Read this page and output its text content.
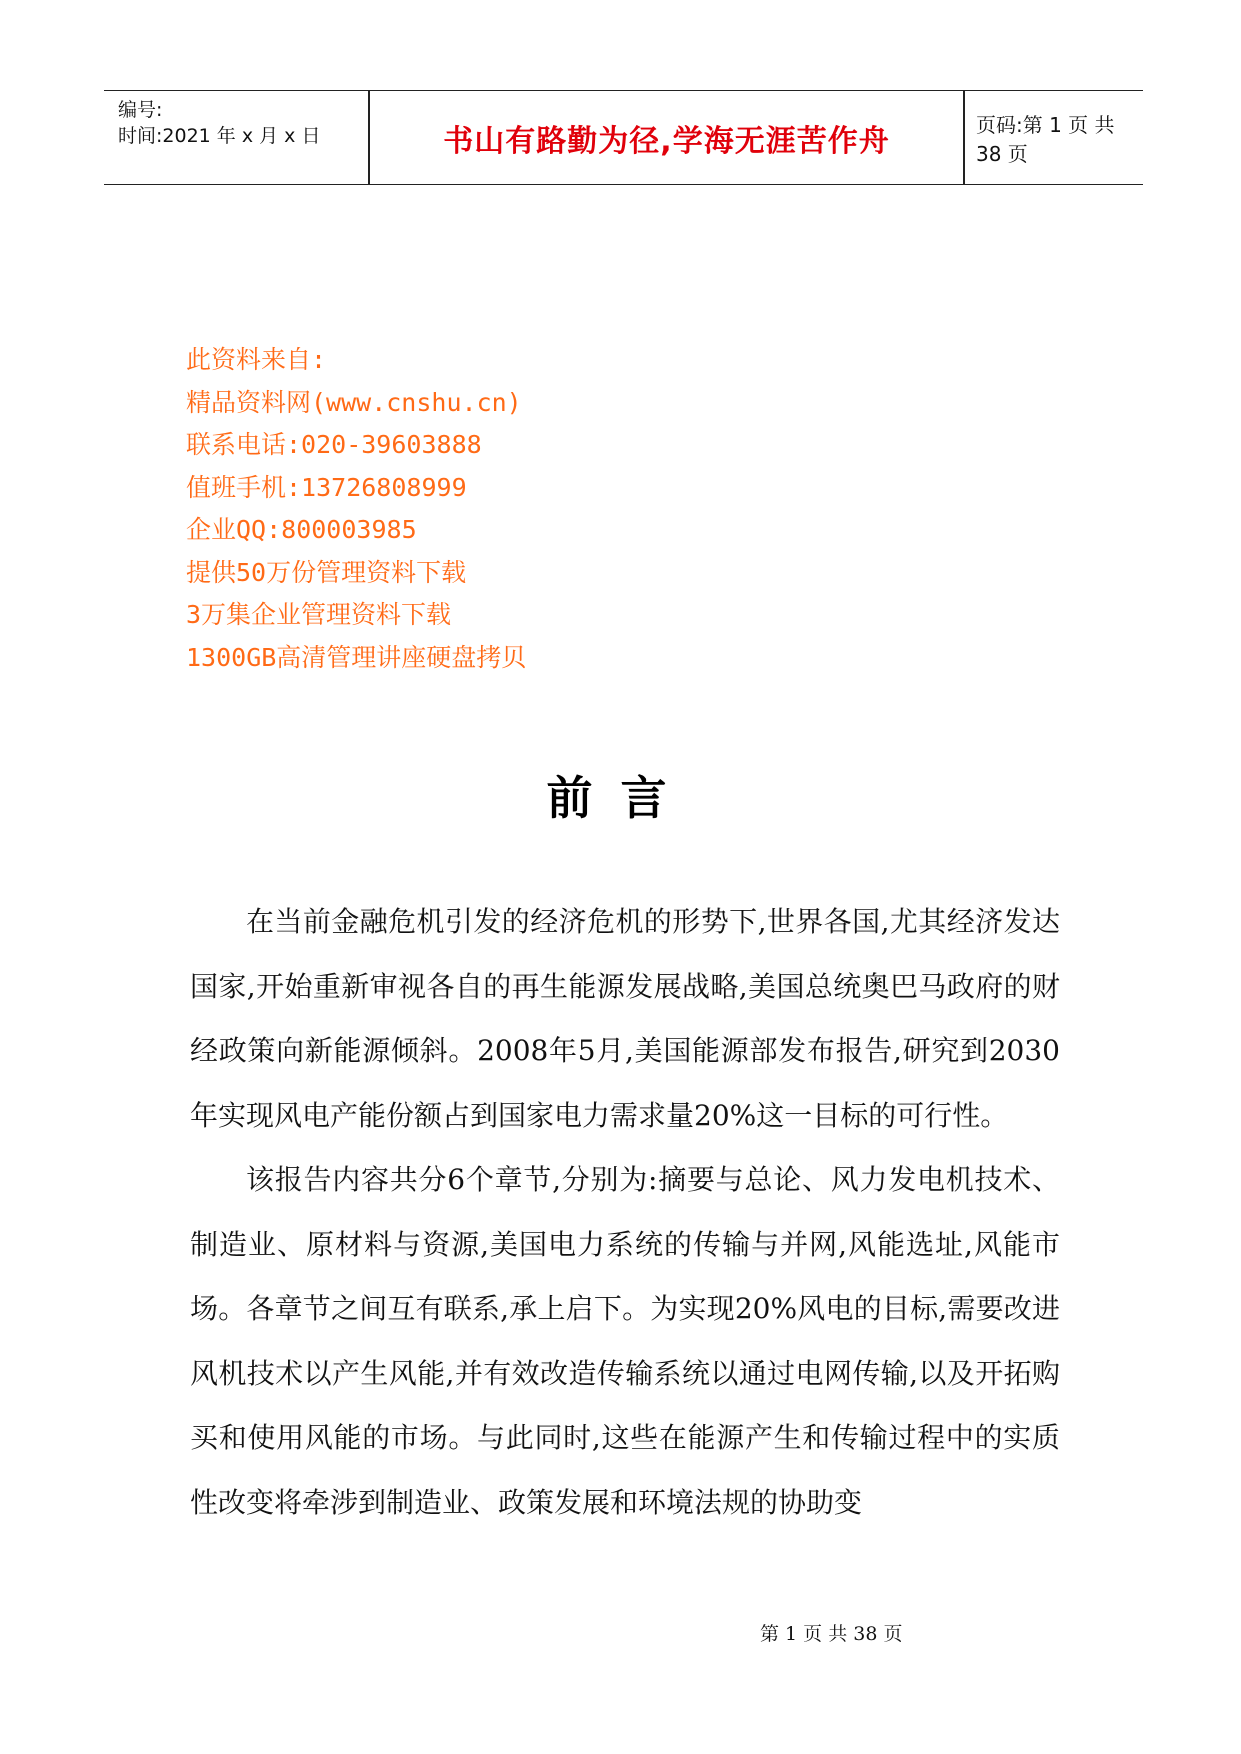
编号:
时间:2021 年 x 月 x 日	书山有路勤为径,学海无涯苦作舟	页码:第 1 页 共 38 页
此资料来自:
精品资料网(www.cnshu.cn)
联系电话:020-39603888
值班手机:13726808999
企业QQ:800003985
提供50万份管理资料下载
3万集企业管理资料下载
1300GB高清管理讲座硬盘拷贝
前言

在当前金融危机引发的经济危机的形势下,世界各国,尤其经济发达国家,开始重新审视各自的再生能源发展战略,美国总统奥巴马政府的财经政策向新能源倾斜。2008年5月,美国能源部发布报告,研究到2030年实现风电产能份额占到国家电力需求量20%这一目标的可行性。

该报告内容共分6个章节,分别为:摘要与总论、风力发电机技术、制造业、原材料与资源,美国电力系统的传输与并网,风能选址,风能市场。各章节之间互有联系,承上启下。为实现20%风电的目标,需要改进风机技术以产生风能,并有效改造传输系统以通过电网传输,以及开拓购买和使用风能的市场。与此同时,这些在能源产生和传输过程中的实质性改变将牵涉到制造业、政策发展和环境法规的协助变

第 1 页 共 38 页
